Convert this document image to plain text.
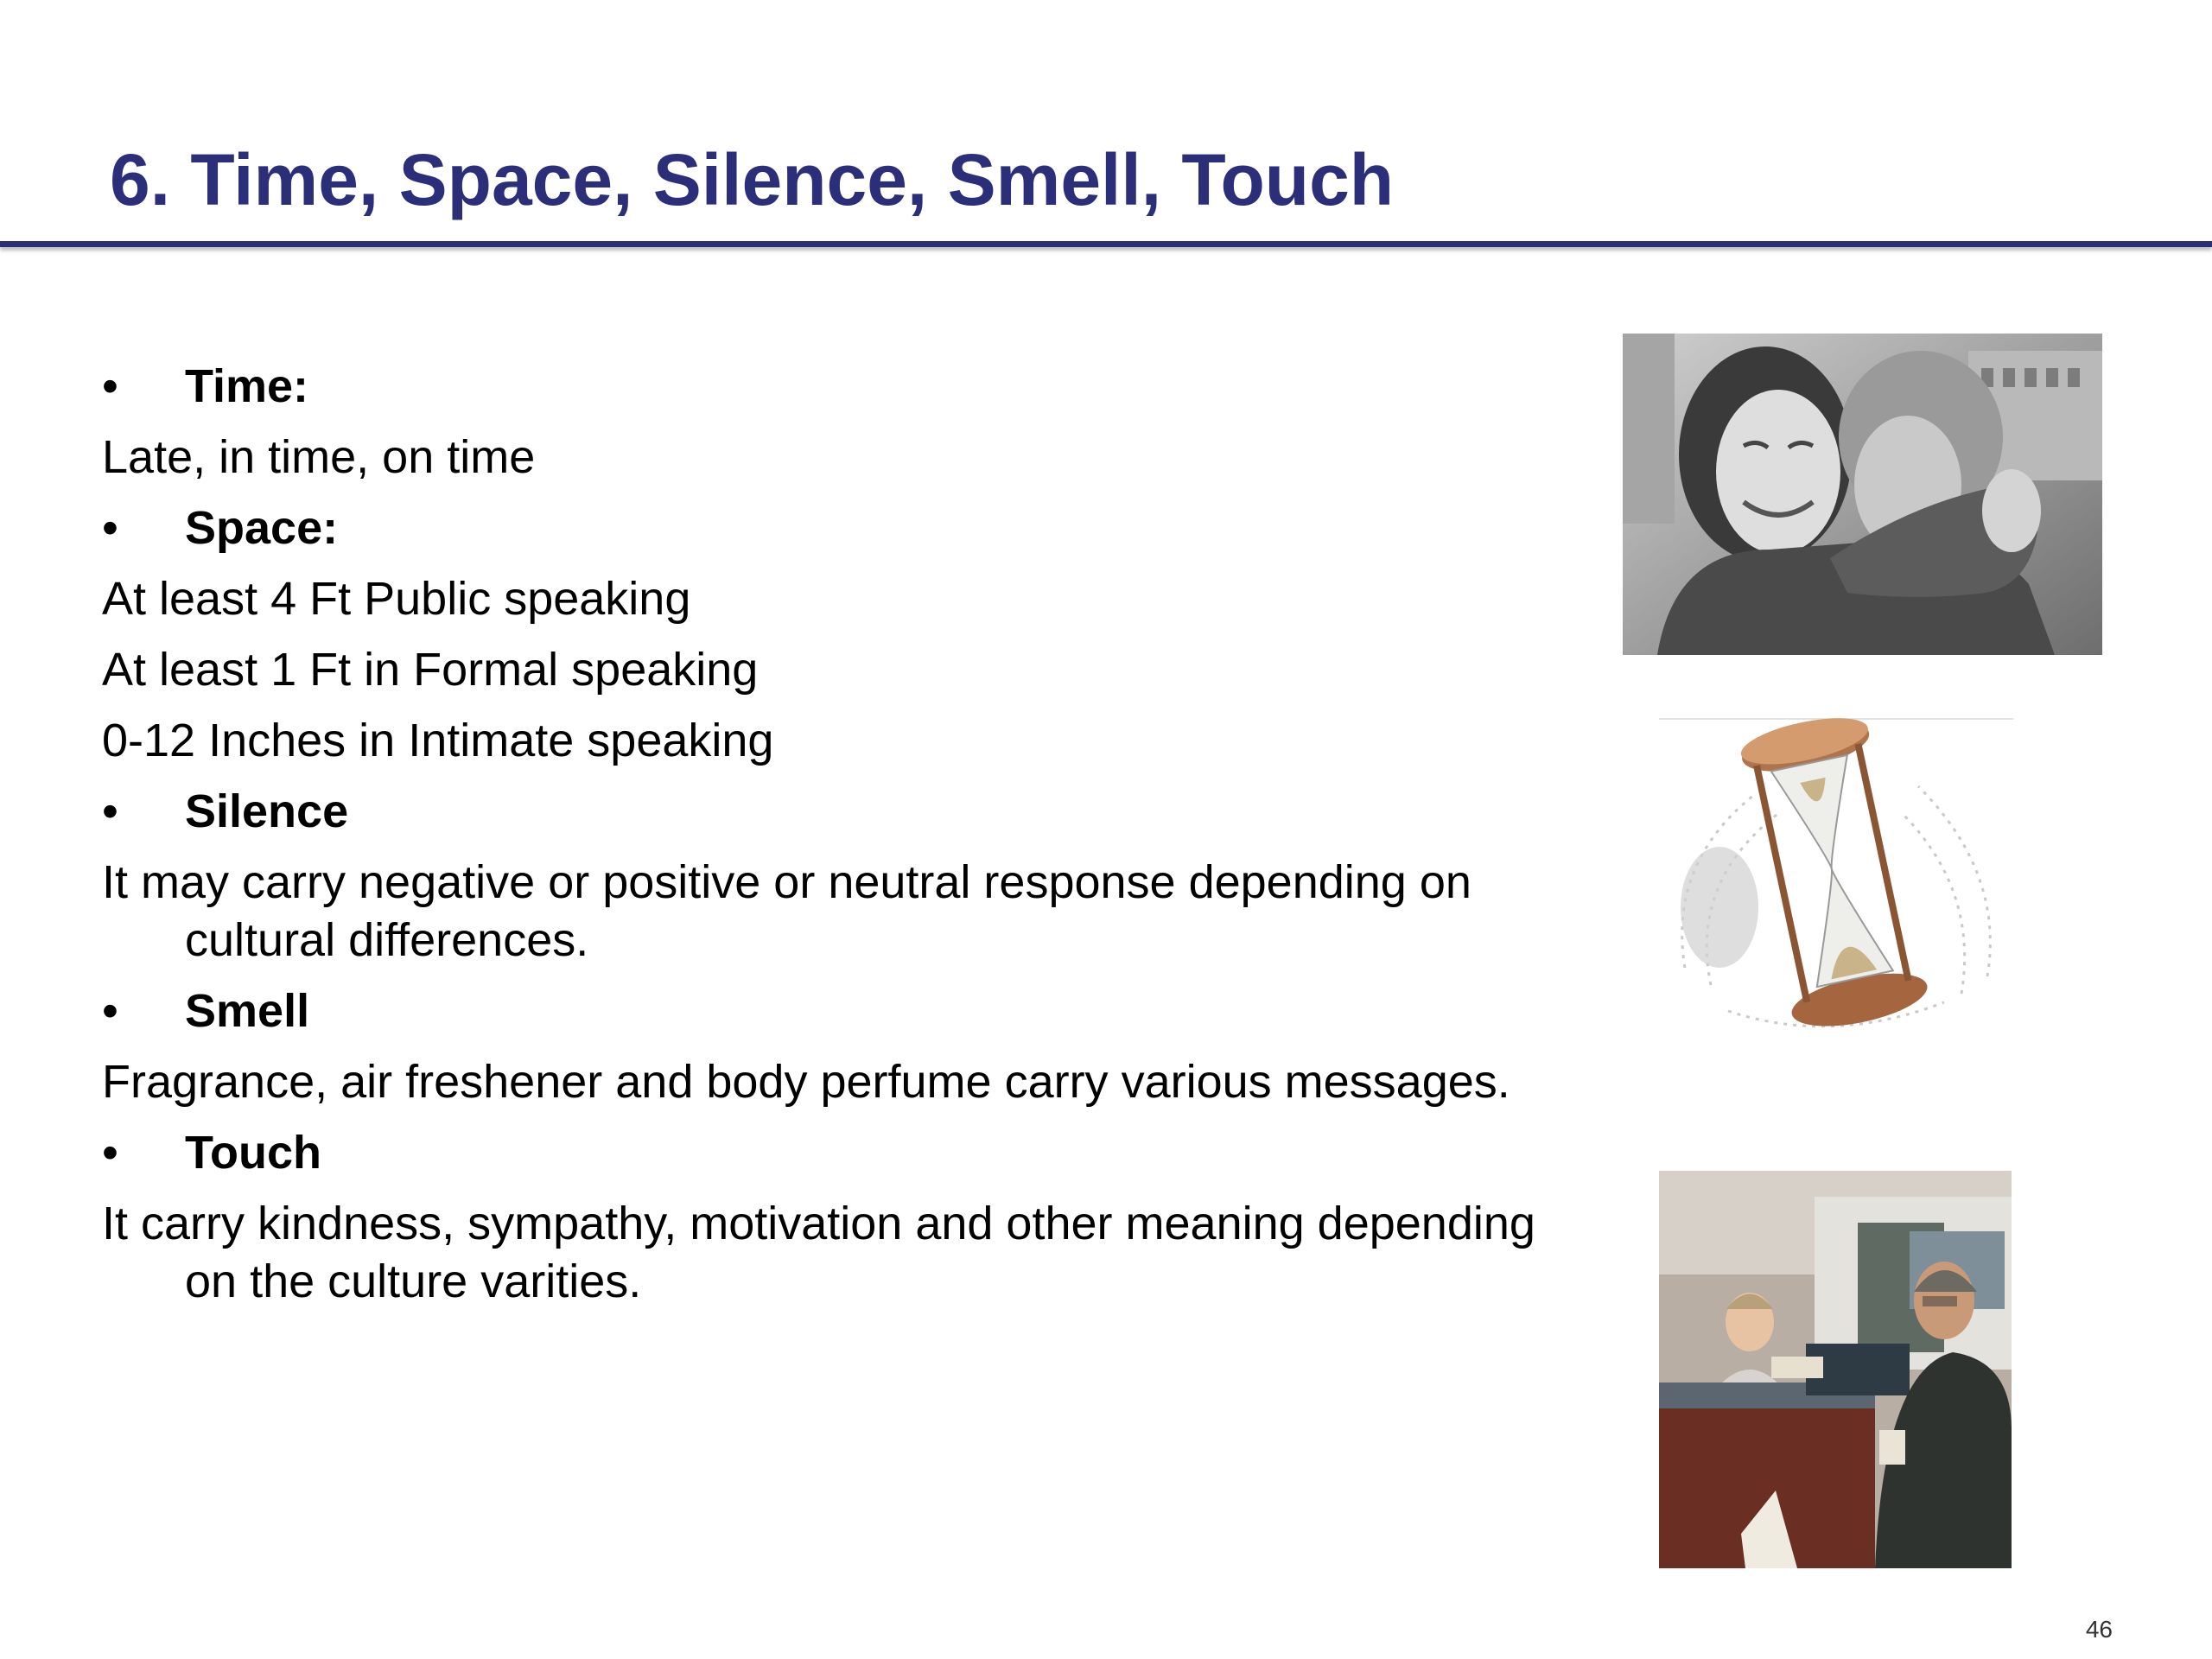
6. Time, Space, Silence, Smell, Touch
• Time:
Late, in time, on time
• Space:
At least 4 Ft Public speaking
At least 1 Ft in Formal speaking
0-12 Inches in Intimate speaking
• Silence
It may carry negative or positive or neutral response depending on cultural differences.
• Smell
Fragrance, air freshener and body perfume carry various messages.
• Touch
It carry kindness, sympathy, motivation and other meaning depending on the culture varities.
46
